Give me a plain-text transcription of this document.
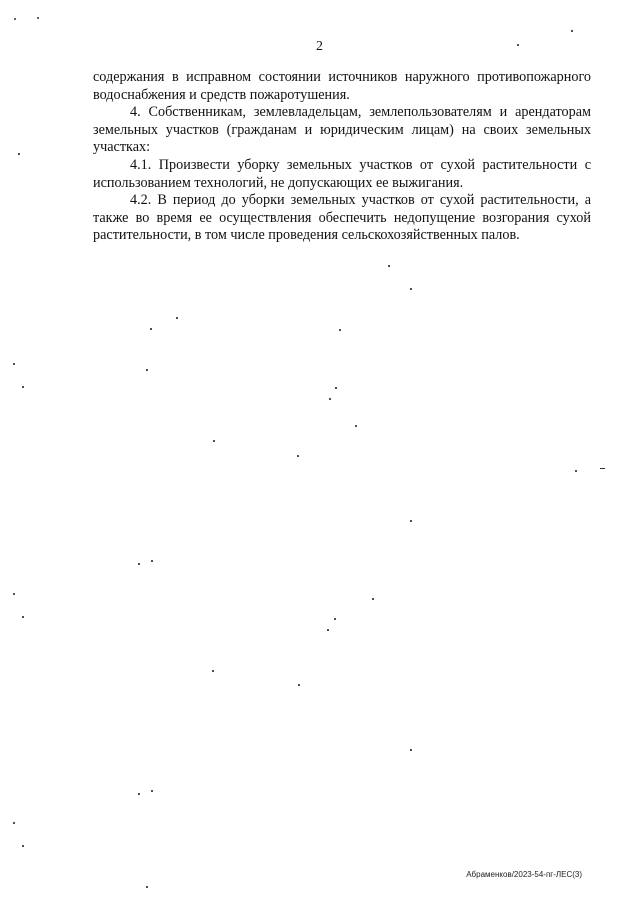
2

содержания в исправном состоянии источников наружного противопожарного водоснабжения и средств пожаротушения.

4. Собственникам, землевладельцам, землепользователям и арендаторам земельных участков (гражданам и юридическим лицам) на своих земельных участках:

4.1. Произвести уборку земельных участков от сухой растительности с использованием технологий, не допускающих ее выжигания.

4.2. В период до уборки земельных участков от сухой растительности, а также во время ее осуществления обеспечить недопущение возгорания сухой растительности, в том числе проведения сельскохозяйственных палов.

Абраменков/2023-54-пг-ЛЕС(3)
